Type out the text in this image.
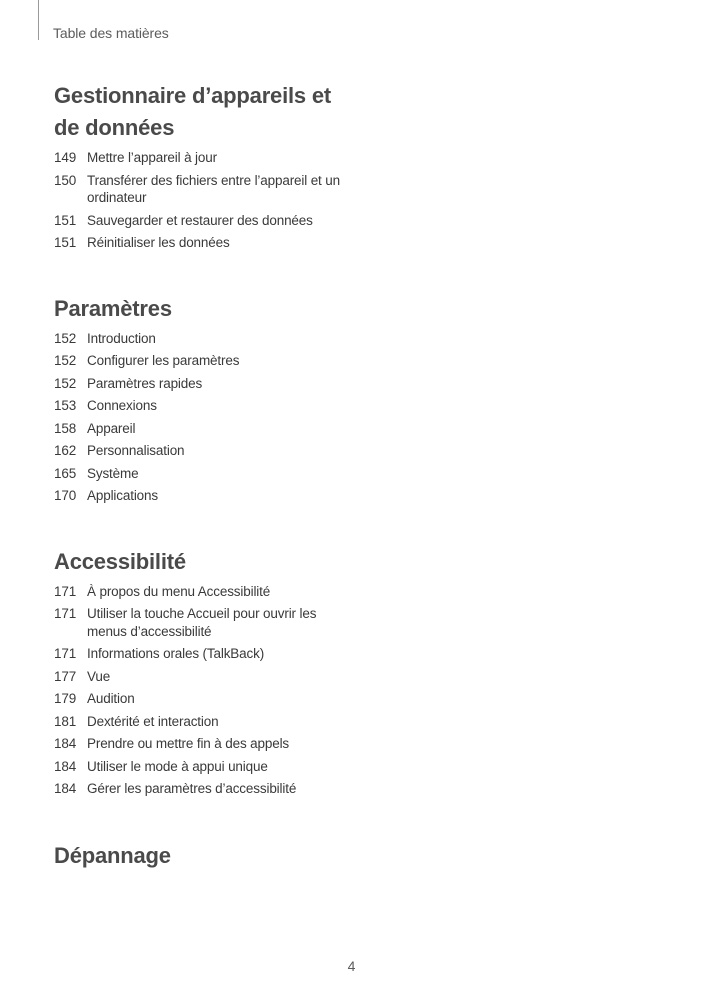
Table des matières
Gestionnaire d’appareils et de données
149 Mettre l’appareil à jour
150 Transférer des fichiers entre l’appareil et un ordinateur
151 Sauvegarder et restaurer des données
151 Réinitialiser les données
Paramètres
152 Introduction
152 Configurer les paramètres
152 Paramètres rapides
153 Connexions
158 Appareil
162 Personnalisation
165 Système
170 Applications
Accessibilité
171 À propos du menu Accessibilité
171 Utiliser la touche Accueil pour ouvrir les menus d’accessibilité
171 Informations orales (TalkBack)
177 Vue
179 Audition
181 Dextérité et interaction
184 Prendre ou mettre fin à des appels
184 Utiliser le mode à appui unique
184 Gérer les paramètres d’accessibilité
Dépannage
4
